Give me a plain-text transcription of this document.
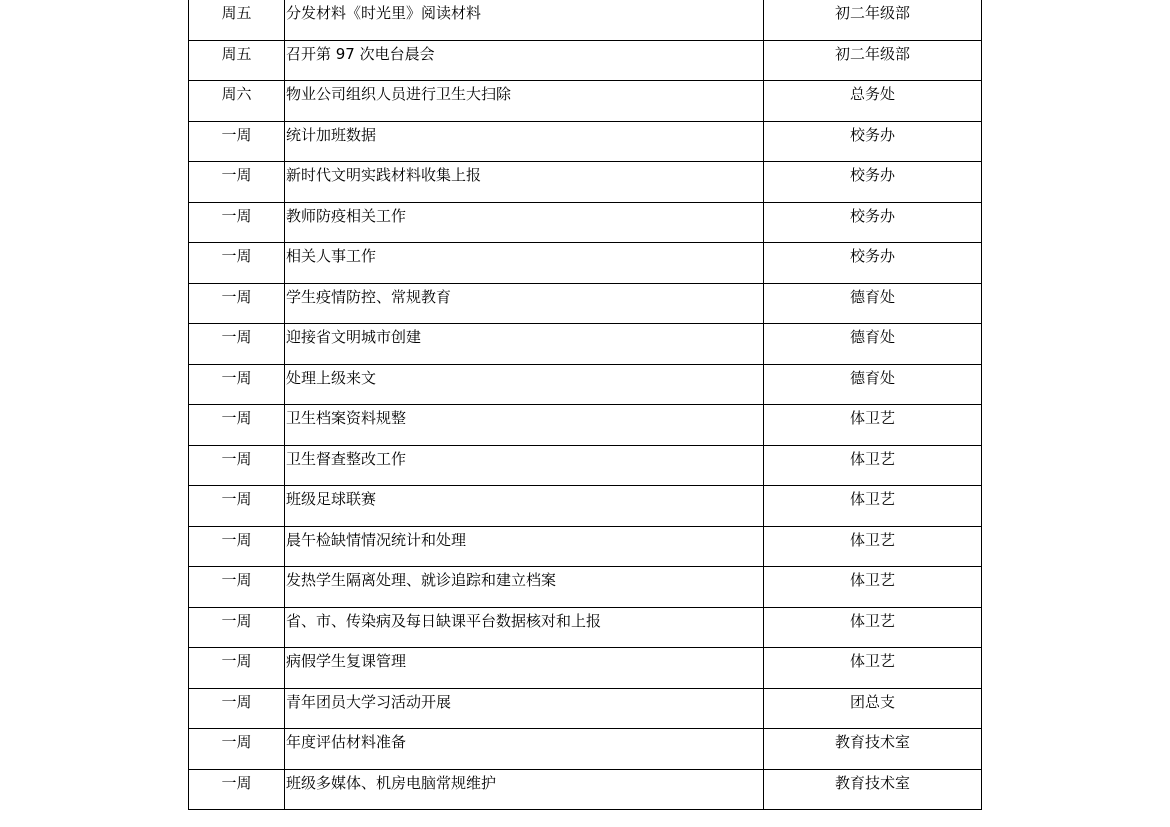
周五	分发材料《时光里》阅读材料	初二年级部

周五	召开第 97 次电台晨会	初二年级部

周六	物业公司组织人员进行卫生大扫除	总务处

一周	统计加班数据	校务办

一周	新时代文明实践材料收集上报	校务办

一周	教师防疫相关工作	校务办

一周	相关人事工作	校务办

一周	学生疫情防控、常规教育	德育处

一周	迎接省文明城市创建	德育处

一周	处理上级来文	德育处

一周	卫生档案资料规整	体卫艺

一周	卫生督查整改工作	体卫艺

一周	班级足球联赛	体卫艺

一周	晨午检缺情情况统计和处理	体卫艺

一周	发热学生隔离处理、就诊追踪和建立档案	体卫艺

一周	省、市、传染病及每日缺课平台数据核对和上报	体卫艺

一周	病假学生复课管理	体卫艺

一周	青年团员大学习活动开展	团总支

一周	年度评估材料准备	教育技术室

一周	班级多媒体、机房电脑常规维护	教育技术室
